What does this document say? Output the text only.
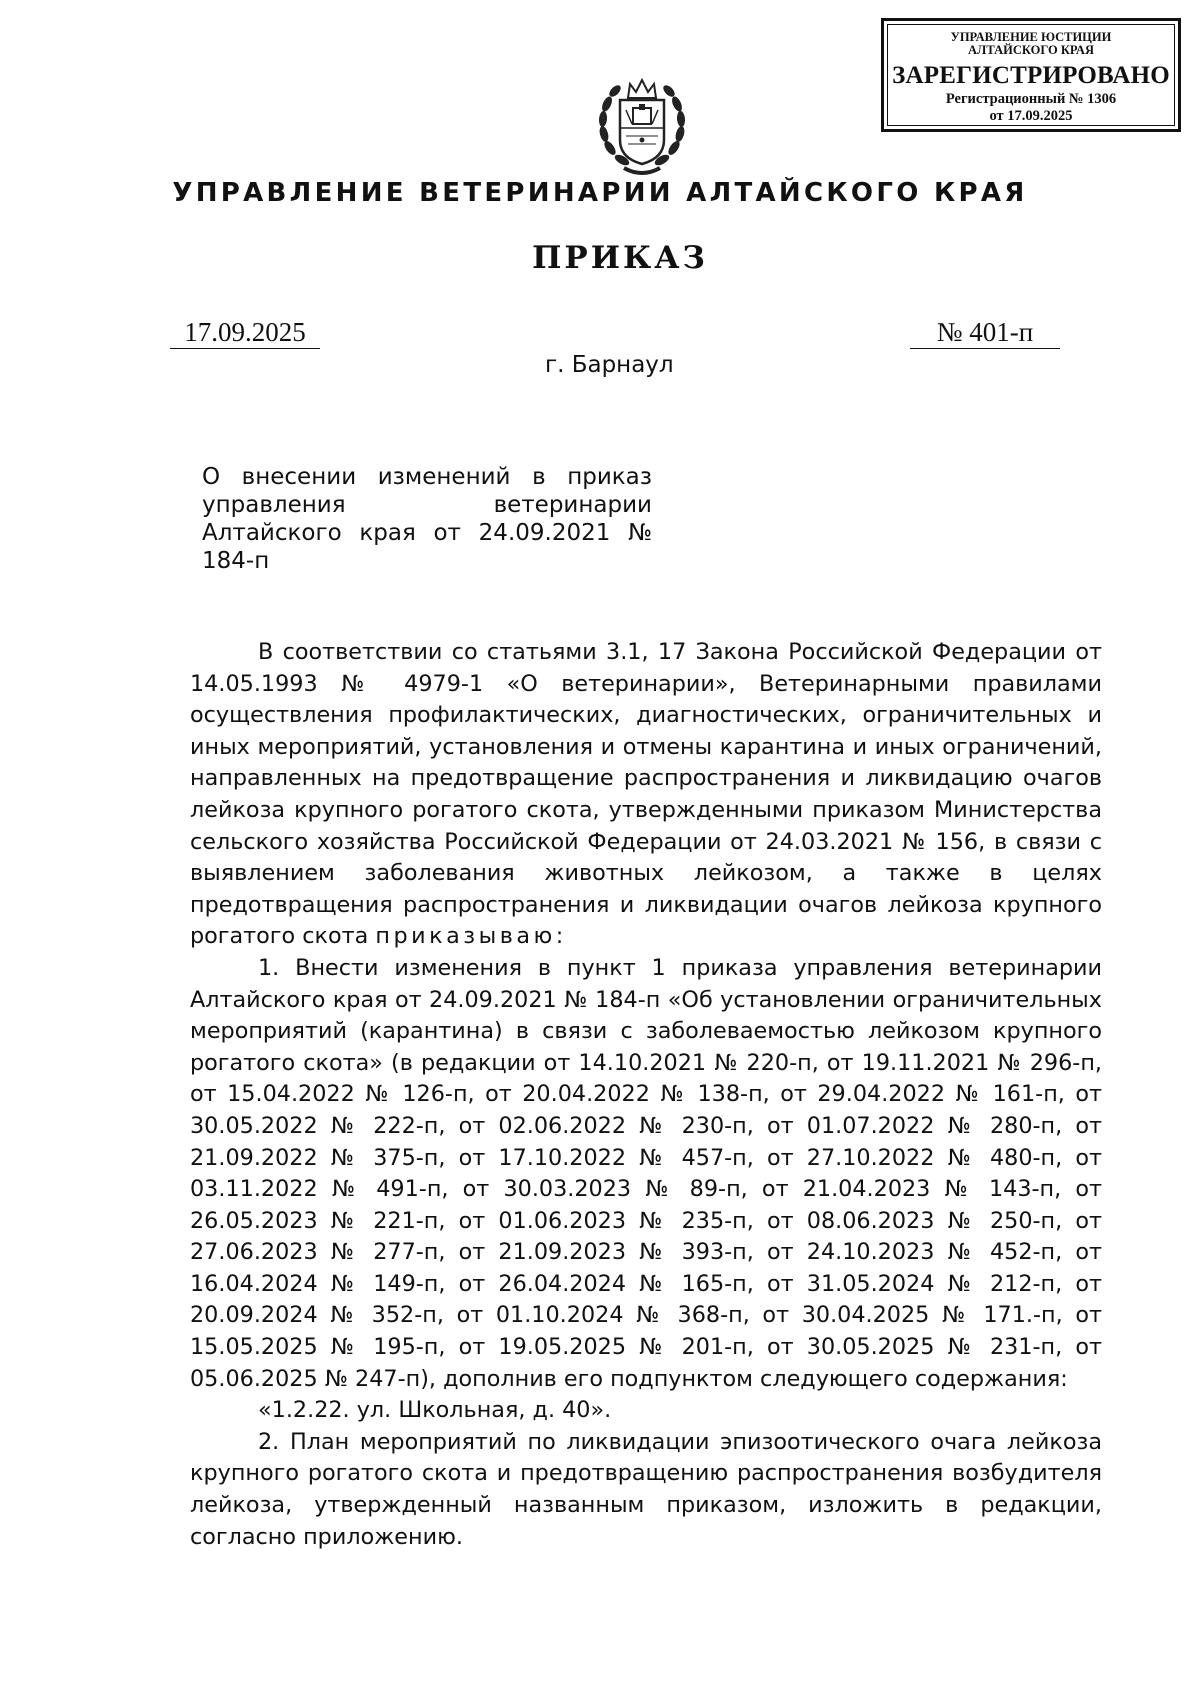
УПРАВЛЕНИЕ ЮСТИЦИИ
АЛТАЙСКОГО КРАЯ
ЗАРЕГИСТРИРОВАНО
Регистрационный № 1306
от 17.09.2025
УПРАВЛЕНИЕ ВЕТЕРИНАРИИ АЛТАЙСКОГО КРАЯ
ПРИКАЗ
17.09.2025	№ 401-п
г. Барнаул
О внесении изменений в приказ управления ветеринарии Алтайского края от 24.09.2021 № 184-п

В соответствии со статьями 3.1, 17 Закона Российской Федерации от 14.05.1993 № 4979-1 «О ветеринарии», Ветеринарными правилами осуществления профилактических, диагностических, ограничительных и иных мероприятий, установления и отмены карантина и иных ограничений, направленных на предотвращение распространения и ликвидацию очагов лейкоза крупного рогатого скота, утвержденными приказом Министерства сельского хозяйства Российской Федерации от 24.03.2021 № 156, в связи с выявлением заболевания животных лейкозом, а также в целях предотвращения распространения и ликвидации очагов лейкоза крупного рогатого скота приказываю:

1. Внести изменения в пункт 1 приказа управления ветеринарии Алтайского края от 24.09.2021 № 184-п «Об установлении ограничительных мероприятий (карантина) в связи с заболеваемостью лейкозом крупного рогатого скота» (в редакции от 14.10.2021 № 220-п, от 19.11.2021 № 296-п, от 15.04.2022 № 126-п, от 20.04.2022 № 138-п, от 29.04.2022 № 161-п, от 30.05.2022 № 222-п, от 02.06.2022 № 230-п, от 01.07.2022 № 280-п, от 21.09.2022 № 375-п, от 17.10.2022 № 457-п, от 27.10.2022 № 480-п, от 03.11.2022 № 491-п, от 30.03.2023 № 89-п, от 21.04.2023 № 143-п, от 26.05.2023 № 221-п, от 01.06.2023 № 235-п, от 08.06.2023 № 250-п, от 27.06.2023 № 277-п, от 21.09.2023 № 393-п, от 24.10.2023 № 452-п, от 16.04.2024 № 149-п, от 26.04.2024 № 165-п, от 31.05.2024 № 212-п, от 20.09.2024 № 352-п, от 01.10.2024 № 368-п, от 30.04.2025 № 171.-п, от 15.05.2025 № 195-п, от 19.05.2025 № 201-п, от 30.05.2025 № 231-п, от 05.06.2025 № 247-п), дополнив его подпунктом следующего содержания:

«1.2.22. ул. Школьная, д. 40».

2. План мероприятий по ликвидации эпизоотического очага лейкоза крупного рогатого скота и предотвращению распространения возбудителя лейкоза, утвержденный названным приказом, изложить в редакции, согласно приложению.
